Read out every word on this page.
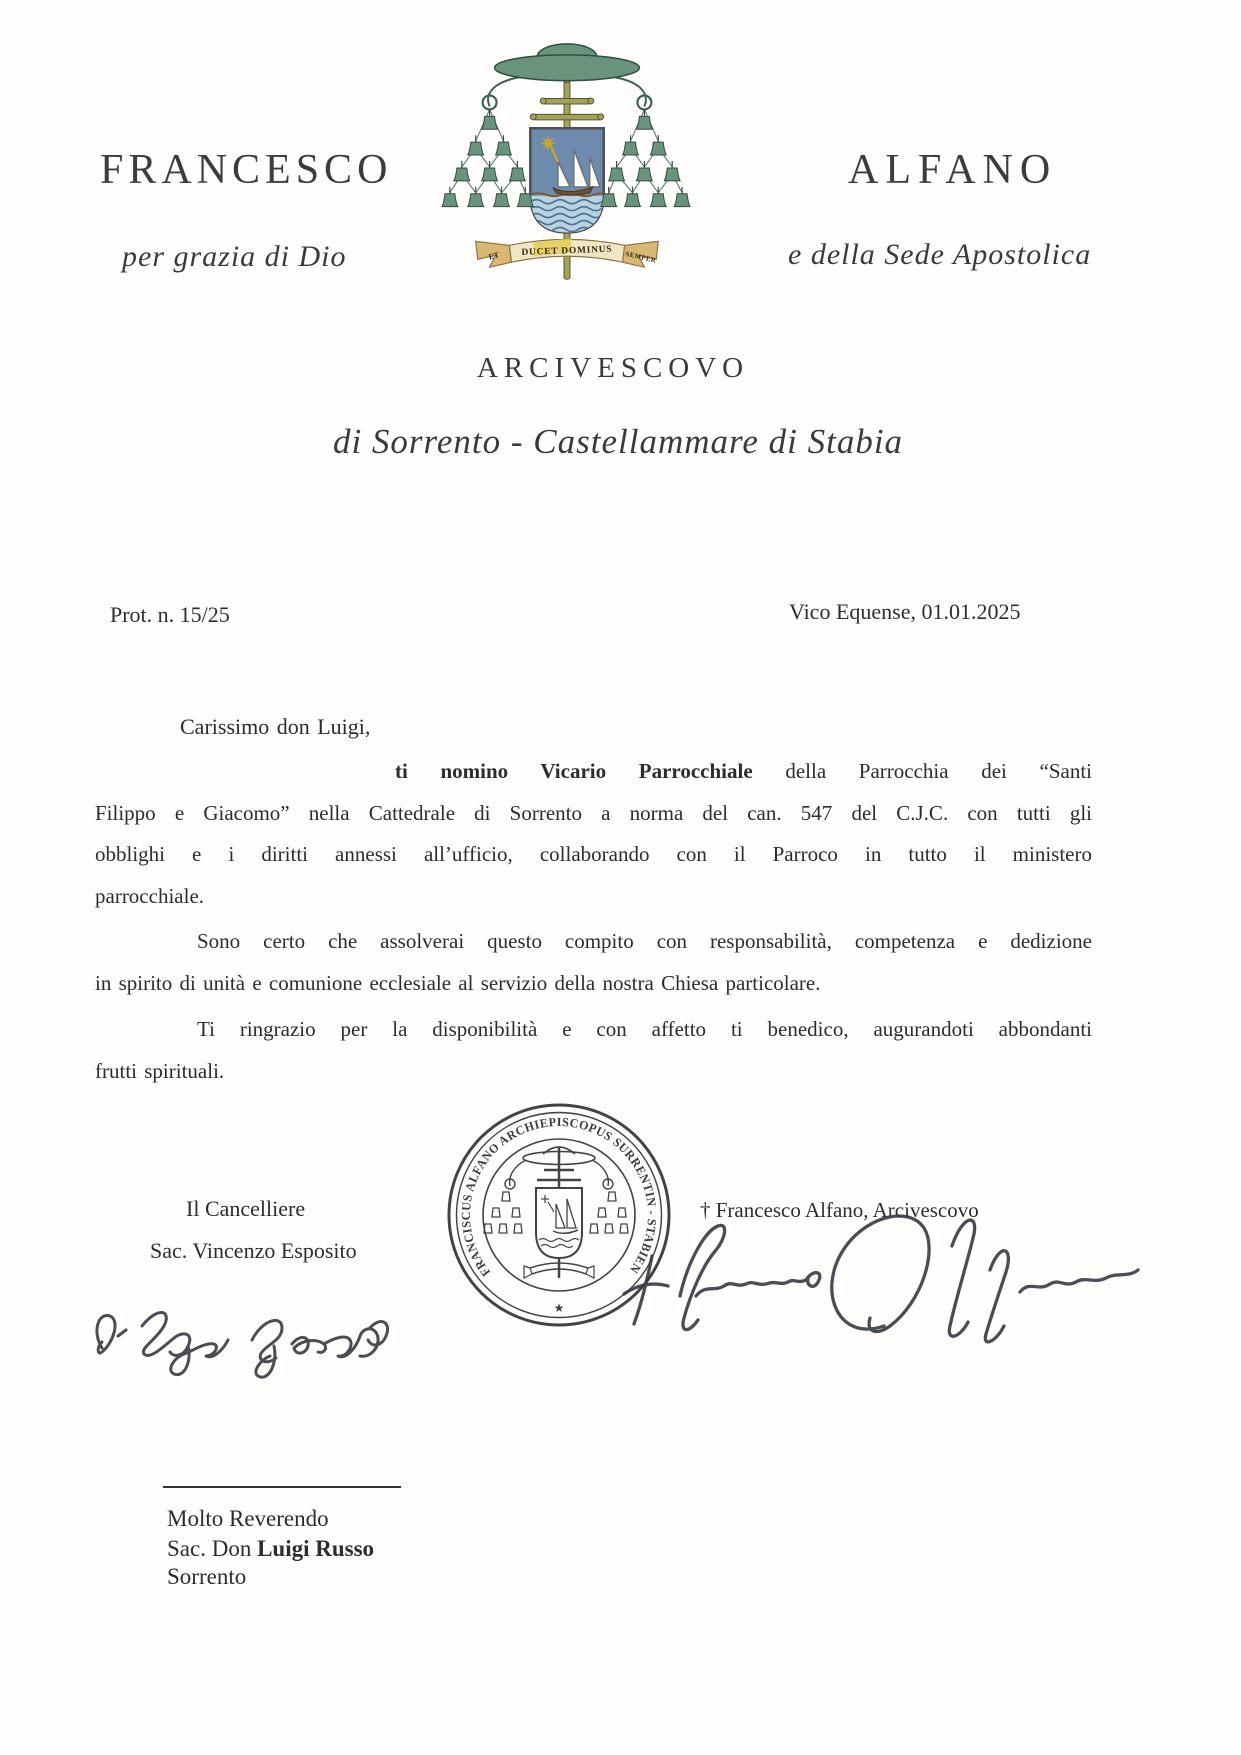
FRANCESCO	ALFANO
per grazia di Dio	e della Sede Apostolica
ET DUCET DOMINUS SEMPER
ARCIVESCOVO
di Sorrento - Castellammare di Stabia
Prot. n. 15/25	Vico Equense, 01.01.2025
Carissimo don Luigi,
ti nomino Vicario Parrocchiale della Parrocchia dei “Santi
Filippo e Giacomo” nella Cattedrale di Sorrento a norma del can. 547 del C.J.C. con tutti gli
obblighi e i diritti annessi all’ufficio, collaborando con il Parroco in tutto il ministero
parrocchiale.
Sono certo che assolverai questo compito con responsabilità, competenza e dedizione
in spirito di unità e comunione ecclesiale al servizio della nostra Chiesa particolare.
Ti ringrazio per la disponibilità e con affetto ti benedico, augurandoti abbondanti
frutti spirituali.
FRANCISCUS ALFANO ARCHIEPISCOPUS SURRENTIN - STABIEN
★
Il Cancelliere
Sac. Vincenzo Esposito
† Francesco Alfano, Arcivescovo
Molto Reverendo
Sac. Don Luigi Russo
Sorrento
